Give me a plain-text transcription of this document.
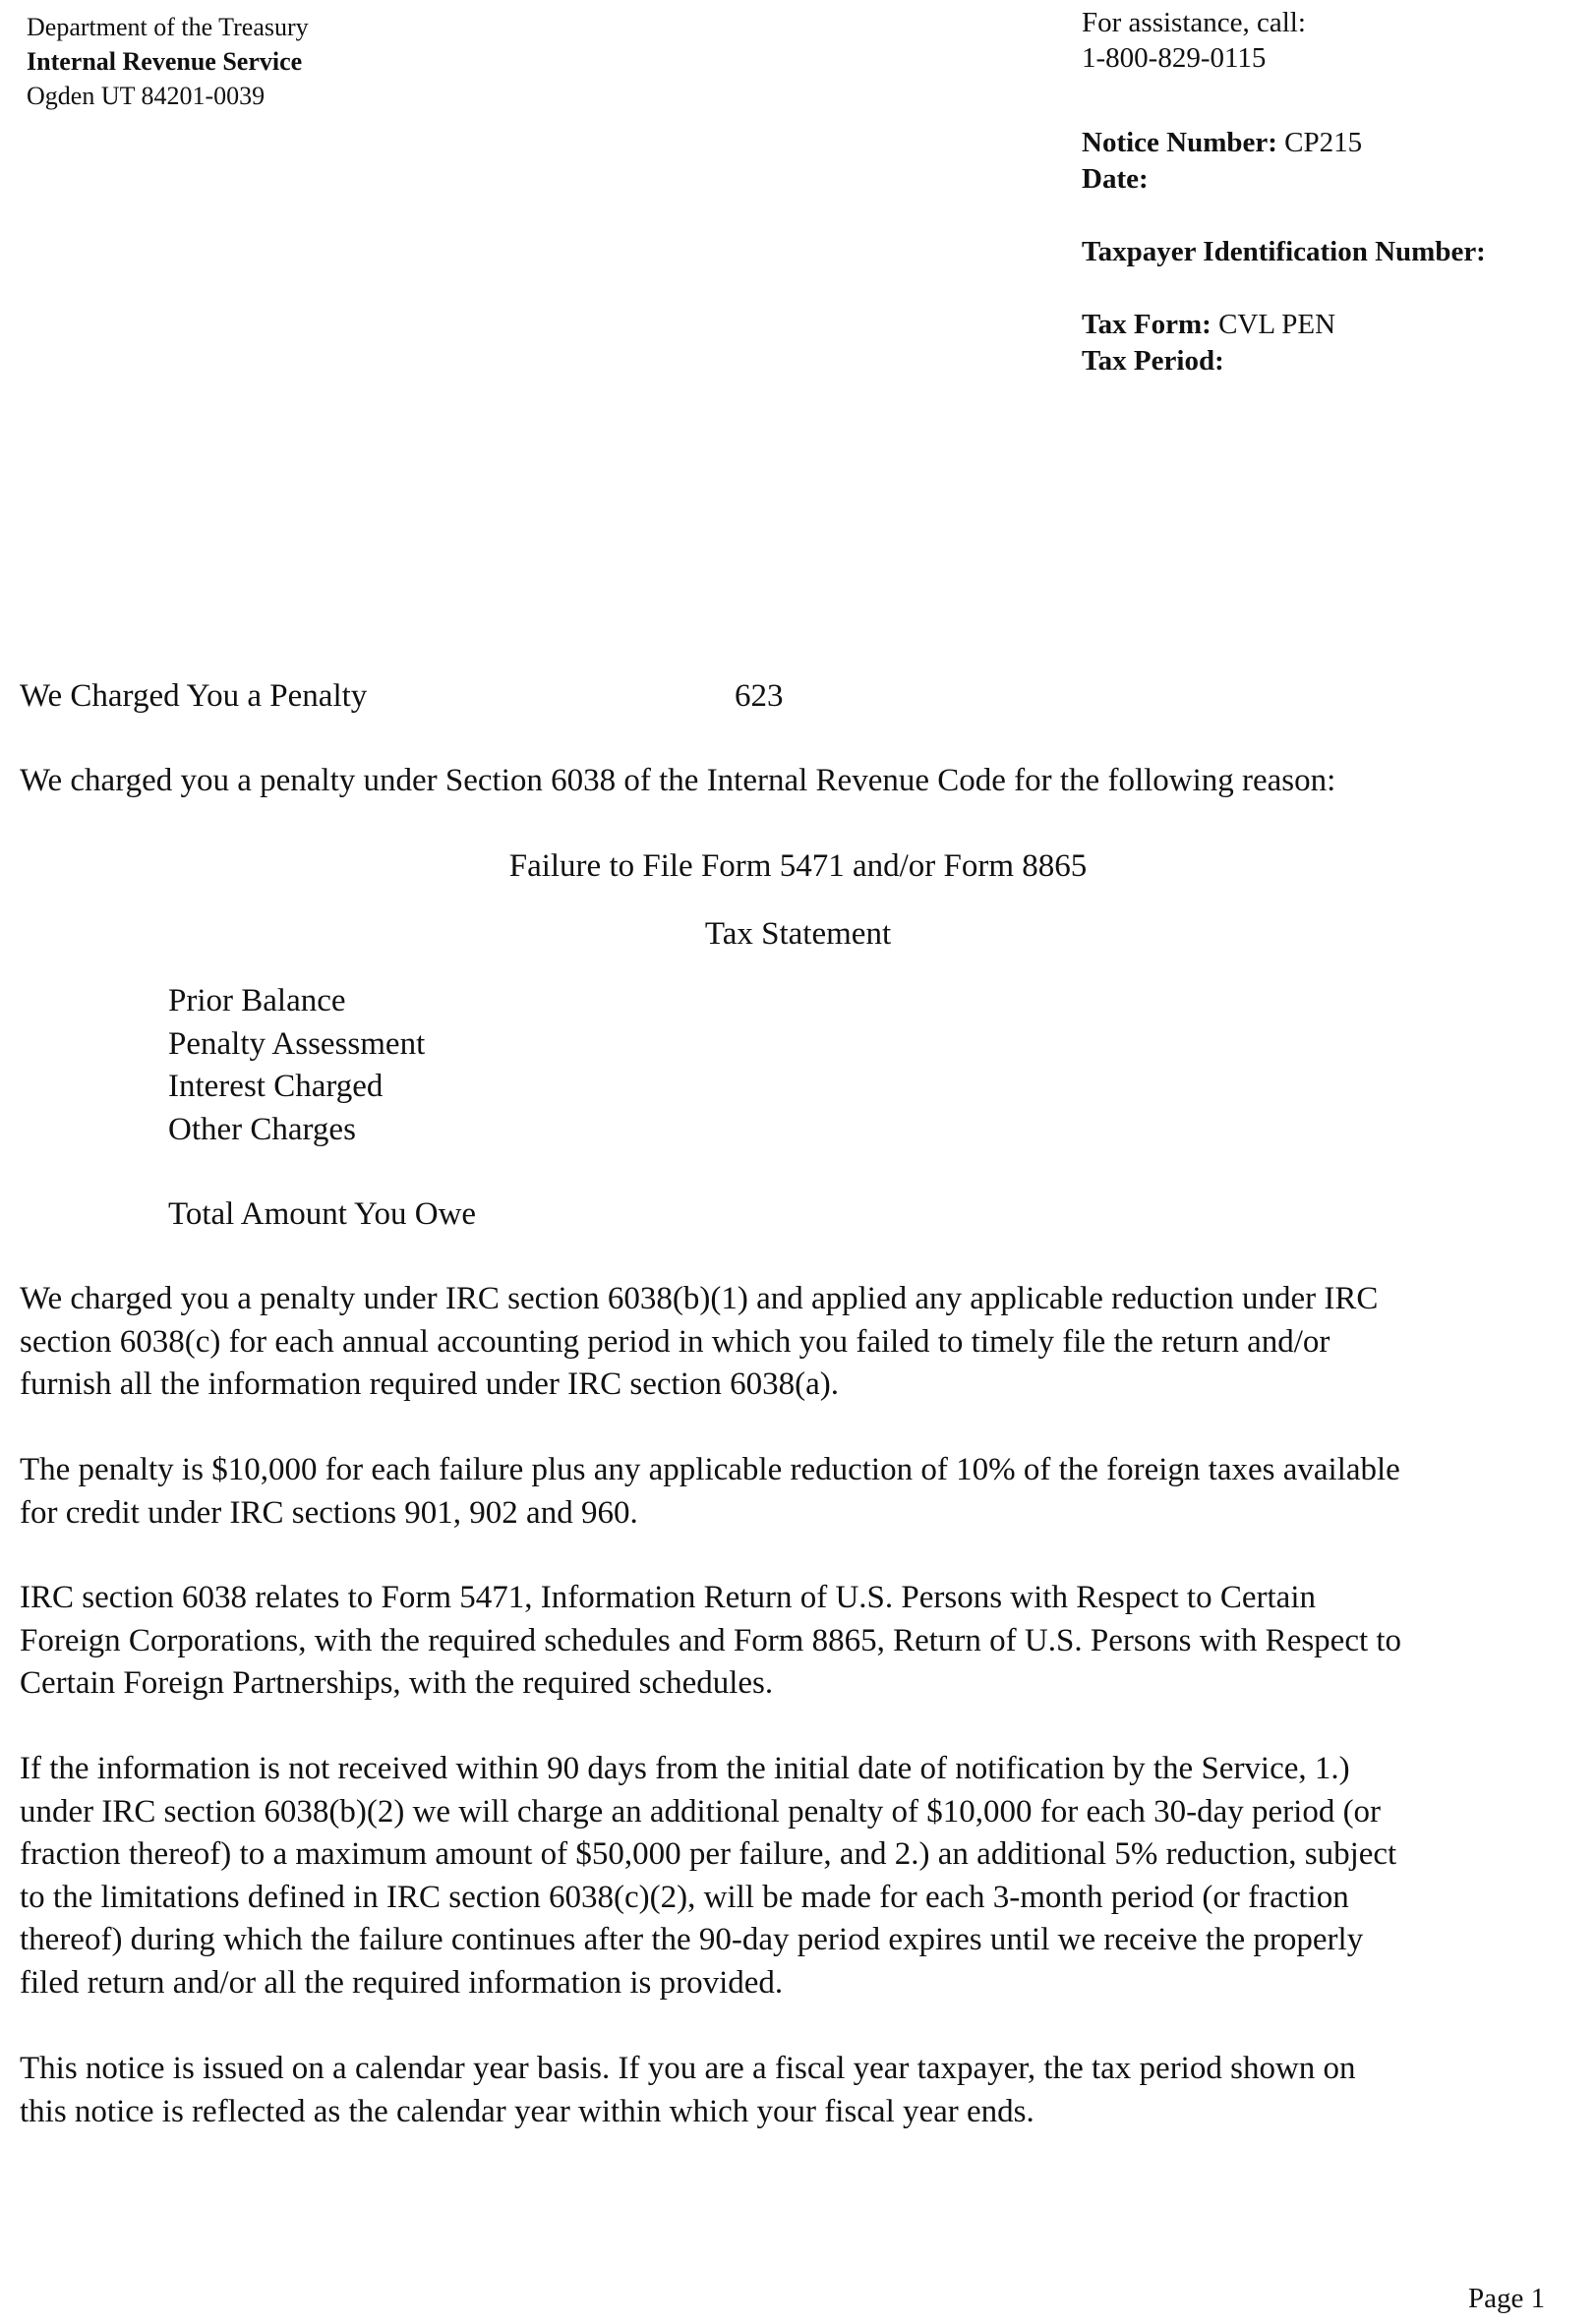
Department of the Treasury
Internal Revenue Service
Ogden UT 84201-0039
For assistance, call:
1-800-829-0115
Notice Number: CP215
Date:
Taxpayer Identification Number:
Tax Form: CVL PEN
Tax Period:
We Charged You a Penalty	623
We charged you a penalty under Section 6038 of the Internal Revenue Code for the following reason:
Failure to File Form 5471 and/or Form 8865
Tax Statement
Prior Balance
Penalty Assessment
Interest Charged
Other Charges
Total Amount You Owe
We charged you a penalty under IRC section 6038(b)(1) and applied any applicable reduction under IRC
section 6038(c) for each annual accounting period in which you failed to timely file the return and/or
furnish all the information required under IRC section 6038(a).
The penalty is $10,000 for each failure plus any applicable reduction of 10% of the foreign taxes available
for credit under IRC sections 901, 902 and 960.
IRC section 6038 relates to Form 5471, Information Return of U.S. Persons with Respect to Certain
Foreign Corporations, with the required schedules and Form 8865, Return of U.S. Persons with Respect to
Certain Foreign Partnerships, with the required schedules.
If the information is not received within 90 days from the initial date of notification by the Service, 1.)
under IRC section 6038(b)(2) we will charge an additional penalty of $10,000 for each 30-day period (or
fraction thereof) to a maximum amount of $50,000 per failure, and 2.) an additional 5% reduction, subject
to the limitations defined in IRC section 6038(c)(2), will be made for each 3-month period (or fraction
thereof) during which the failure continues after the 90-day period expires until we receive the properly
filed return and/or all the required information is provided.
This notice is issued on a calendar year basis. If you are a fiscal year taxpayer, the tax period shown on
this notice is reflected as the calendar year within which your fiscal year ends.
Page 1
